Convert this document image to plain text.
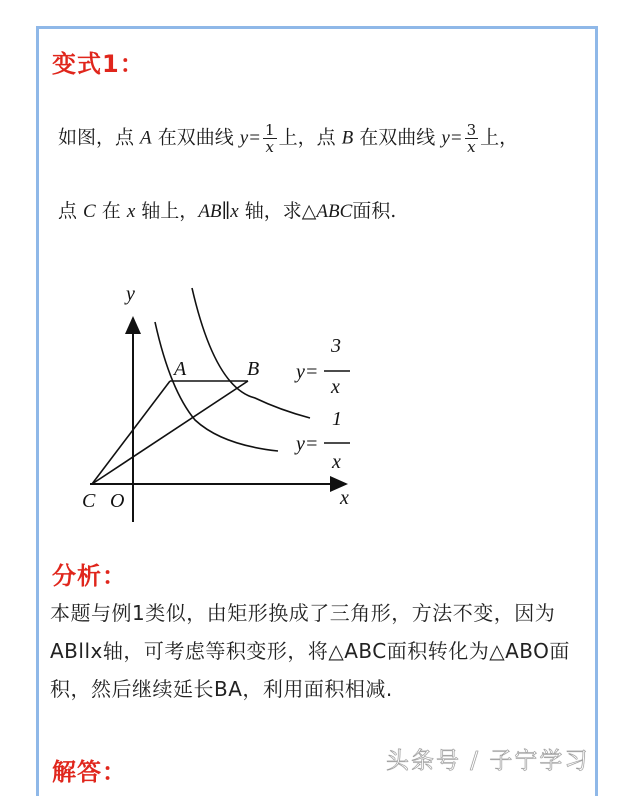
变式1：
如图，点 A 在双曲线 $y= \frac{1}{x}$ 上，点 B 在双曲线 $y= \frac{3}{x}$ 上，
点 C 在 x 轴上，AB∥x 轴，求△ABC面积.
y
x
A	B
C O
y=
3
x
y=
1
x
分析：
本题与例1类似，由矩形换成了三角形，方法不变，因为ABllx轴，可考虑等积变形，将△ABC面积转化为△ABO面积，然后继续延长BA，利用面积相减.
解答：	头条号 / 子宁学习
